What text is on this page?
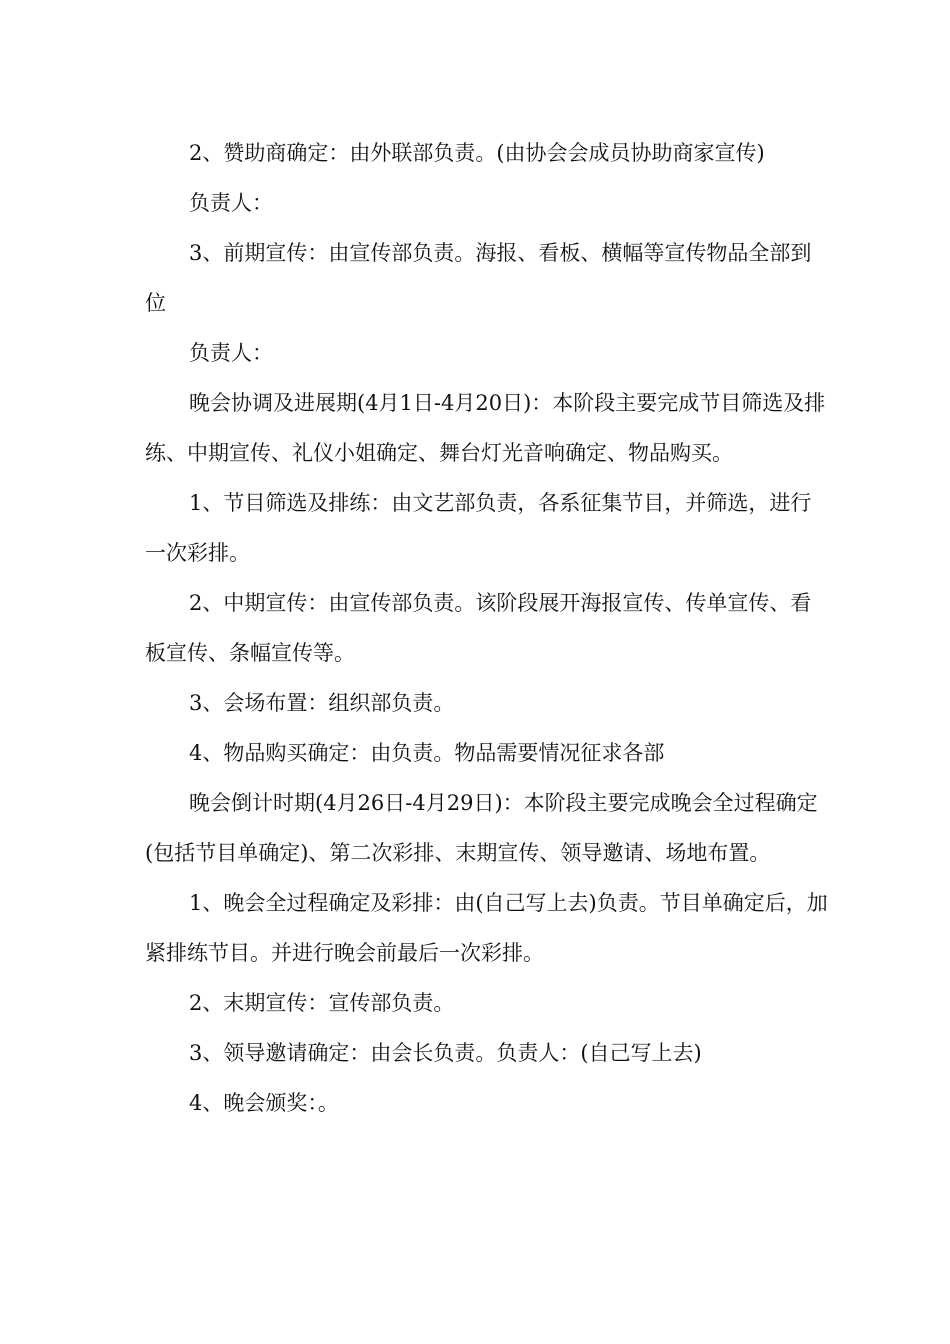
2、赞助商确定：由外联部负责。(由协会会成员协助商家宣传)

负责人：

3、前期宣传：由宣传部负责。海报、看板、横幅等宣传物品全部到位

负责人：

晚会协调及进展期(4月1日-4月20日)：本阶段主要完成节目筛选及排练、中期宣传、礼仪小姐确定、舞台灯光音响确定、物品购买。

1、节目筛选及排练：由文艺部负责，各系征集节目，并筛选，进行一次彩排。

2、中期宣传：由宣传部负责。该阶段展开海报宣传、传单宣传、看板宣传、条幅宣传等。

3、会场布置：组织部负责。

4、物品购买确定：由负责。物品需要情况征求各部

晚会倒计时期(4月26日-4月29日)：本阶段主要完成晚会全过程确定(包括节目单确定)、第二次彩排、末期宣传、领导邀请、场地布置。

1、晚会全过程确定及彩排：由(自己写上去)负责。节目单确定后，加紧排练节目。并进行晚会前最后一次彩排。

2、末期宣传：宣传部负责。

3、领导邀请确定：由会长负责。负责人：(自己写上去)

4、晚会颁奖：。
